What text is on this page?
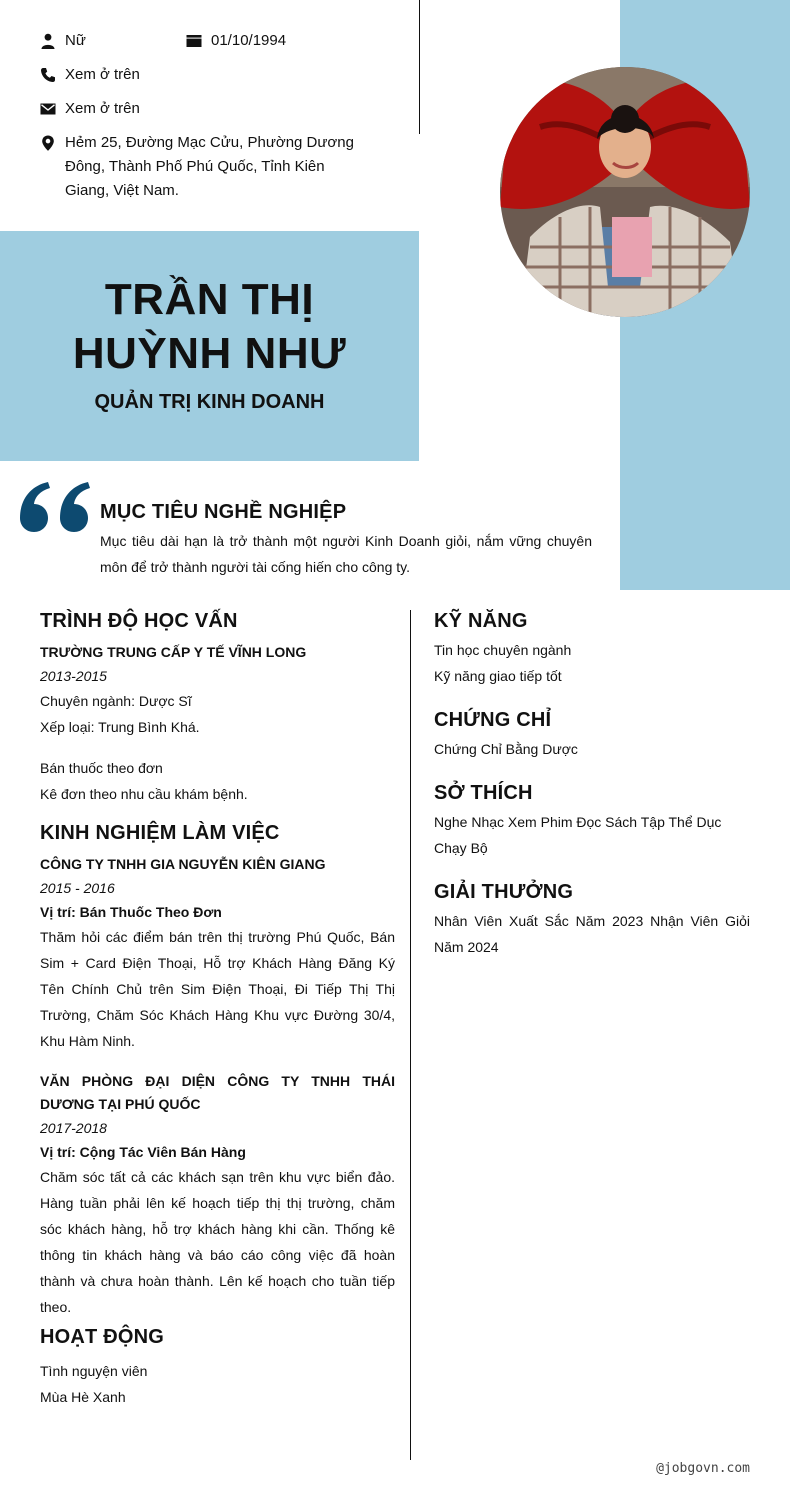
TRẦN THỊ
HUỲNH NHƯ
QUẢN TRỊ KINH DOANH
Nữ	01/10/1994
Xem ở trên
Xem ở trên
Hẻm 25, Đường Mạc Cửu, Phường Dương
Đông, Thành Phố Phú Quốc, Tỉnh Kiên
Giang, Việt Nam.
MỤC TIÊU NGHỀ NGHIỆP
Mục tiêu dài hạn là trở thành một người Kinh Doanh giỏi, nắm vững chuyên môn để trở thành người tài cống hiến cho công ty.
TRÌNH ĐỘ HỌC VẤN
TRƯỜNG TRUNG CẤP Y TẾ VĨNH LONG
2013-2015
Chuyên ngành: Dược Sĩ
Xếp loại: Trung Bình Khá.
Bán thuốc theo đơn
Kê đơn theo nhu cầu khám bệnh.
KINH NGHIỆM LÀM VIỆC
CÔNG TY TNHH GIA NGUYỄN KIÊN GIANG
2015 - 2016
Vị trí: Bán Thuốc Theo Đơn
Thăm hỏi các điểm bán trên thị trường Phú Quốc, Bán Sim + Card Điện Thoại, Hỗ trợ Khách Hàng Đăng Ký Tên Chính Chủ trên Sim Điện Thoại, Đi Tiếp Thị Thị Trường, Chăm Sóc Khách Hàng Khu vực Đường 30/4, Khu Hàm Ninh.
VĂN PHÒNG ĐẠI DIỆN CÔNG TY TNHH THÁI DƯƠNG TẠI PHÚ QUỐC
2017-2018
Vị trí: Cộng Tác Viên Bán Hàng
Chăm sóc tất cả các khách sạn trên khu vực biển đảo. Hàng tuần phải lên kế hoạch tiếp thị thị trường, chăm sóc khách hàng, hỗ trợ khách hàng khi cần. Thống kê thông tin khách hàng và báo cáo công việc đã hoàn thành và chưa hoàn thành. Lên kế hoạch cho tuần tiếp theo.
HOẠT ĐỘNG
Tình nguyện viên
Mùa Hè Xanh
KỸ NĂNG
Tin học chuyên ngành
Kỹ năng giao tiếp tốt
CHỨNG CHỈ
Chứng Chỉ Bằng Dược
SỞ THÍCH
Nghe Nhạc Xem Phim Đọc Sách Tập Thể Dục Chạy Bộ
GIẢI THƯỞNG
Nhân Viên Xuất Sắc Năm 2023 Nhận Viên Giỏi Năm 2024
@jobgovn.com
